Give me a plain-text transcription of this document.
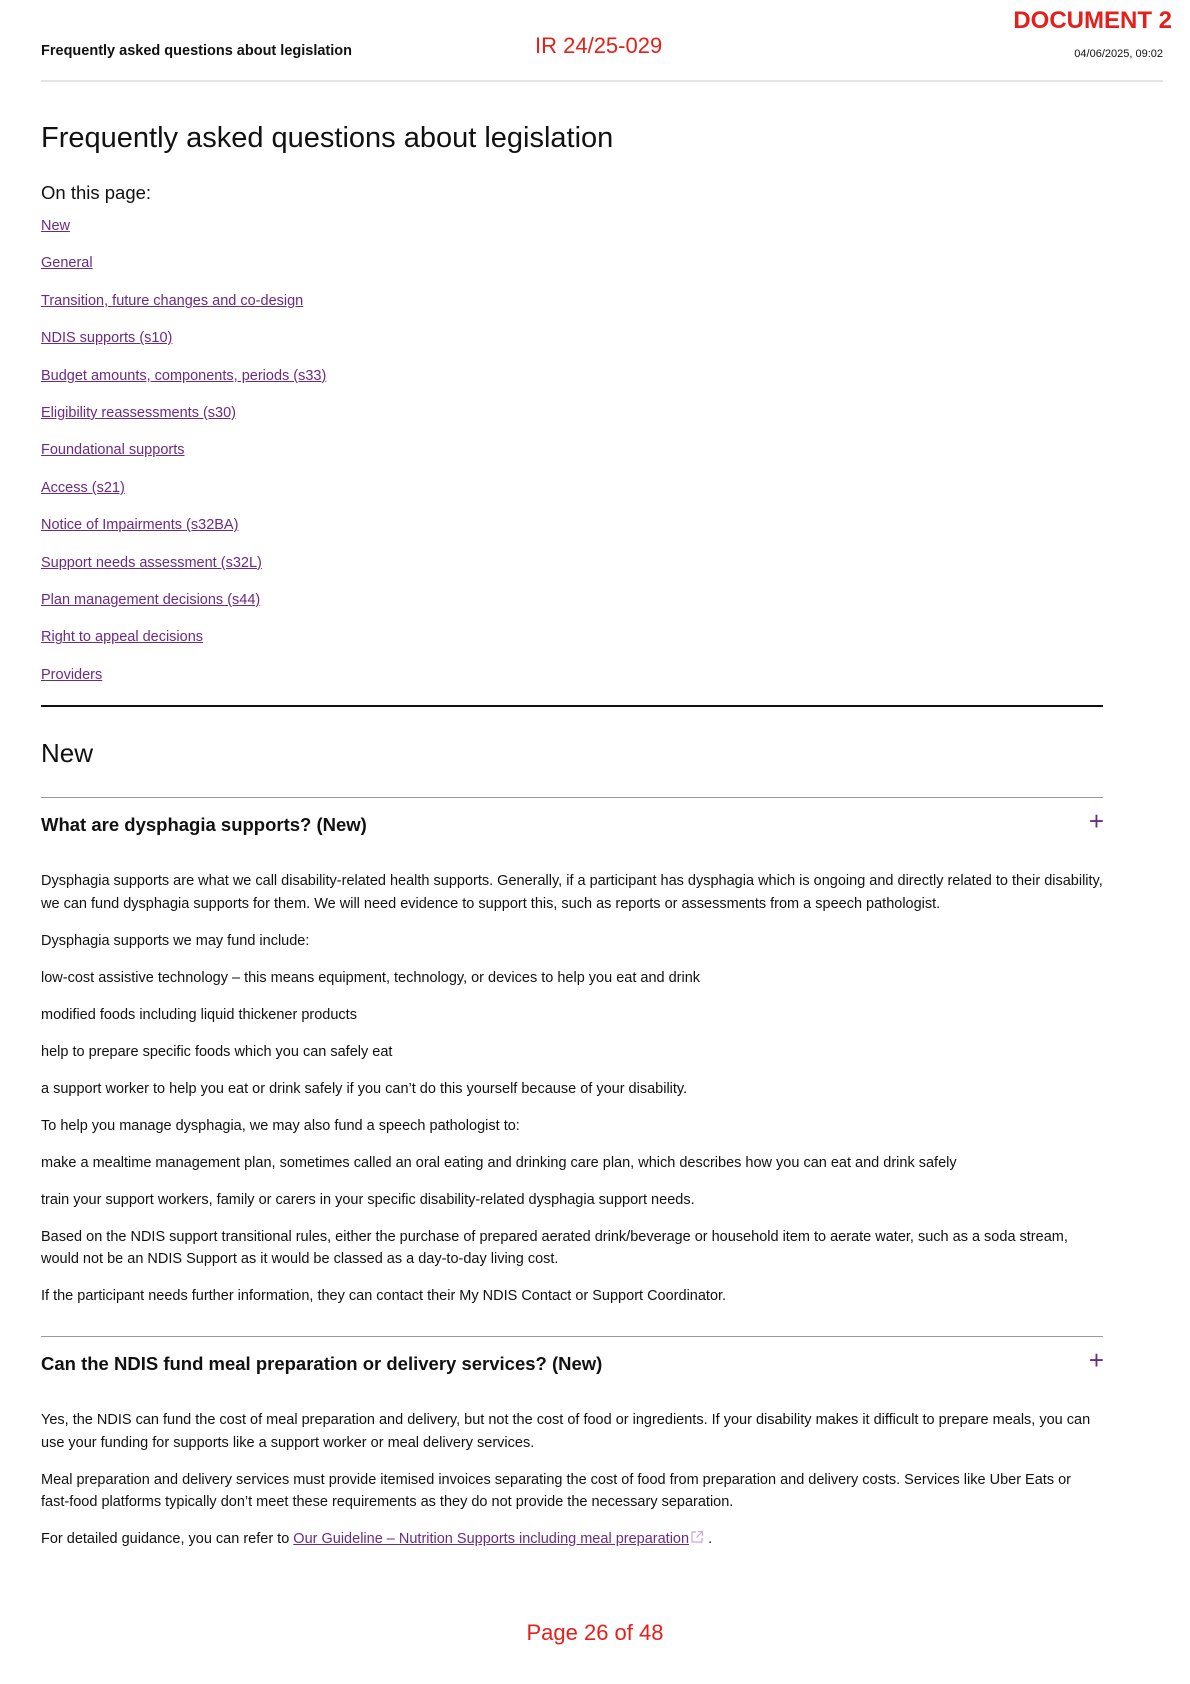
DOCUMENT 2
IR 24/25-029
Frequently asked questions about legislation	04/06/2025, 09:02
Frequently asked questions about legislation
On this page:
New
General
Transition, future changes and co-design
NDIS supports (s10)
Budget amounts, components, periods (s33)
Eligibility reassessments (s30)
Foundational supports
Access (s21)
Notice of Impairments (s32BA)
Support needs assessment (s32L)
Plan management decisions (s44)
Right to appeal decisions
Providers
New
What are dysphagia supports? (New)	+

Dysphagia supports are what we call disability-related health supports. Generally, if a participant has dysphagia which is ongoing and directly related to their disability, we can fund dysphagia supports for them. We will need evidence to support this, such as reports or assessments from a speech pathologist.

Dysphagia supports we may fund include:

low-cost assistive technology – this means equipment, technology, or devices to help you eat and drink

modified foods including liquid thickener products

help to prepare specific foods which you can safely eat

a support worker to help you eat or drink safely if you can’t do this yourself because of your disability.

To help you manage dysphagia, we may also fund a speech pathologist to:

make a mealtime management plan, sometimes called an oral eating and drinking care plan, which describes how you can eat and drink safely

train your support workers, family or carers in your specific disability-related dysphagia support needs.

Based on the NDIS support transitional rules, either the purchase of prepared aerated drink/beverage or household item to aerate water, such as a soda stream, would not be an NDIS Support as it would be classed as a day-to-day living cost.

If the participant needs further information, they can contact their My NDIS Contact or Support Coordinator.

Can the NDIS fund meal preparation or delivery services? (New)	+

Yes, the NDIS can fund the cost of meal preparation and delivery, but not the cost of food or ingredients. If your disability makes it difficult to prepare meals, you can use your funding for supports like a support worker or meal delivery services.

Meal preparation and delivery services must provide itemised invoices separating the cost of food from preparation and delivery costs. Services like Uber Eats or fast-food platforms typically don’t meet these requirements as they do not provide the necessary separation.

For detailed guidance, you can refer to Our Guideline – Nutrition Supports including meal preparation .

Page 26 of 48
